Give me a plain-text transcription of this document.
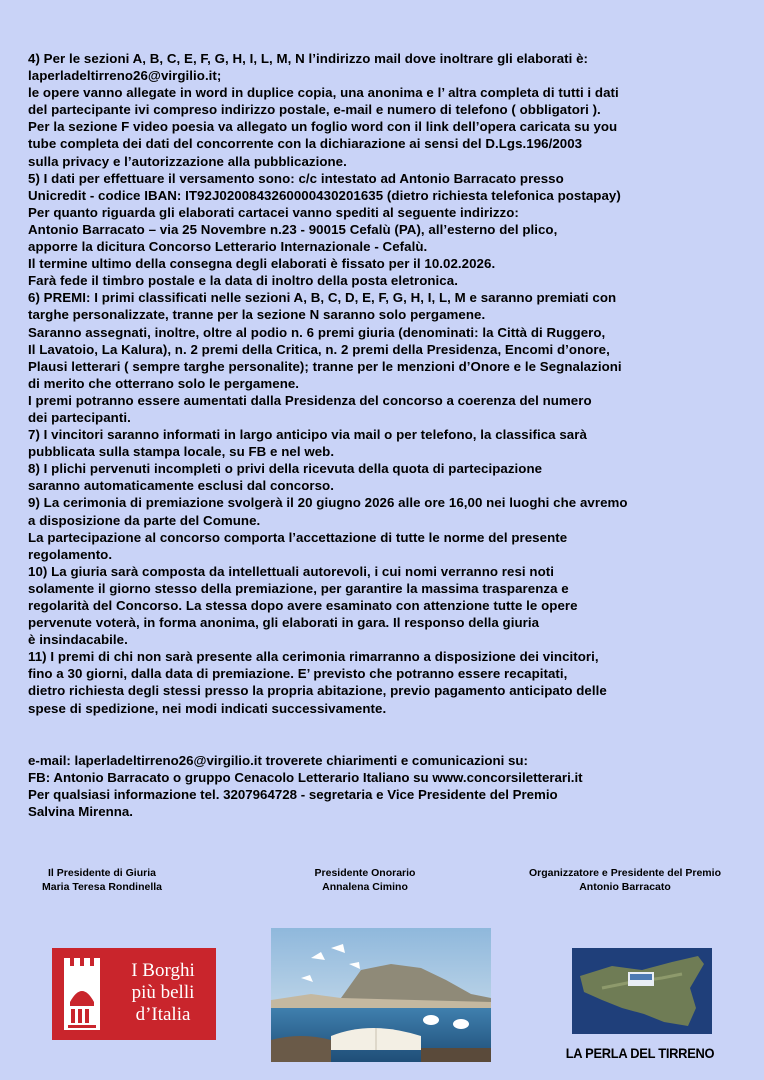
4) Per le sezioni A, B, C, E, F, G, H, I, L, M, N l’indirizzo mail dove inoltrare gli elaborati è:
laperladeltirreno26@virgilio.it;
le opere vanno allegate in word in duplice copia, una anonima e l’ altra completa di tutti i dati
del partecipante ivi compreso indirizzo postale, e-mail e numero di telefono ( obbligatori ).
Per la sezione F video poesia va allegato un foglio word con il link dell’opera caricata su you
tube completa dei dati del concorrente con la dichiarazione ai sensi del D.Lgs.196/2003
sulla privacy e l’autorizzazione alla pubblicazione.
5) I dati per effettuare il versamento sono: c/c intestato ad Antonio Barracato presso
Unicredit - codice IBAN: IT92J0200843260000430201635 (dietro richiesta telefonica postapay)
Per quanto riguarda gli elaborati cartacei vanno spediti al seguente indirizzo:
Antonio Barracato – via 25 Novembre n.23 - 90015 Cefalù (PA), all’esterno del plico,
apporre la dicitura Concorso Letterario Internazionale - Cefalù.
Il termine ultimo della consegna degli elaborati è fissato per il 10.02.2026.
Farà fede il timbro postale e la data di inoltro della posta eletronica.
6) PREMI: I primi classificati nelle sezioni A, B, C, D, E, F, G, H, I, L, M e saranno premiati con
targhe personalizzate, tranne per la sezione N saranno solo pergamene.
Saranno assegnati, inoltre, oltre al podio n. 6 premi giuria (denominati: la Città di Ruggero,
Il Lavatoio, La Kalura), n. 2 premi della Critica, n. 2 premi della Presidenza, Encomi d’onore,
Plausi letterari ( sempre targhe personalite); tranne per le menzioni d’Onore e le Segnalazioni
di merito che otterrano solo le pergamene.
I premi potranno essere aumentati dalla Presidenza del concorso a coerenza del numero
dei partecipanti.
7) I vincitori saranno informati in largo anticipo via mail o per telefono, la classifica sarà
pubblicata sulla stampa locale, su FB e nel web.
8) I plichi pervenuti incompleti o privi della ricevuta della quota di partecipazione
saranno automaticamente esclusi dal concorso.
9) La cerimonia di premiazione svolgerà il 20 giugno 2026 alle ore 16,00 nei luoghi che avremo
a disposizione da parte del Comune.
La partecipazione al concorso comporta l’accettazione di tutte le norme del presente
regolamento.
10) La giuria sarà composta da intellettuali autorevoli, i cui nomi verranno resi noti
solamente il giorno stesso della premiazione, per garantire la massima trasparenza e
regolarità del Concorso. La stessa dopo avere esaminato con attenzione tutte le opere
pervenute voterà, in forma anonima, gli elaborati in gara. Il responso della giuria
è insindacabile.
11) I premi di chi non sarà presente alla cerimonia rimarranno a disposizione dei vincitori,
fino a 30 giorni, dalla data di premiazione. E’ previsto che potranno essere recapitati,
dietro richiesta degli stessi presso la propria abitazione, previo pagamento anticipato delle
spese di spedizione, nei modi indicati successivamente.
e-mail: laperladeltirreno26@virgilio.it troverete chiarimenti e comunicazioni su:
FB: Antonio Barracato o gruppo Cenacolo Letterario Italiano su www.concorsiletterari.it
Per qualsiasi informazione tel. 3207964728 - segretaria e Vice Presidente del Premio
Salvina Mirenna.
Il Presidente di Giuria
Maria Teresa Rondinella
Presidente Onorario
Annalena Cimino
Organizzatore e Presidente del Premio
Antonio Barracato
I Borghi
più belli
d’Italia
LA PERLA DEL TIRRENO
